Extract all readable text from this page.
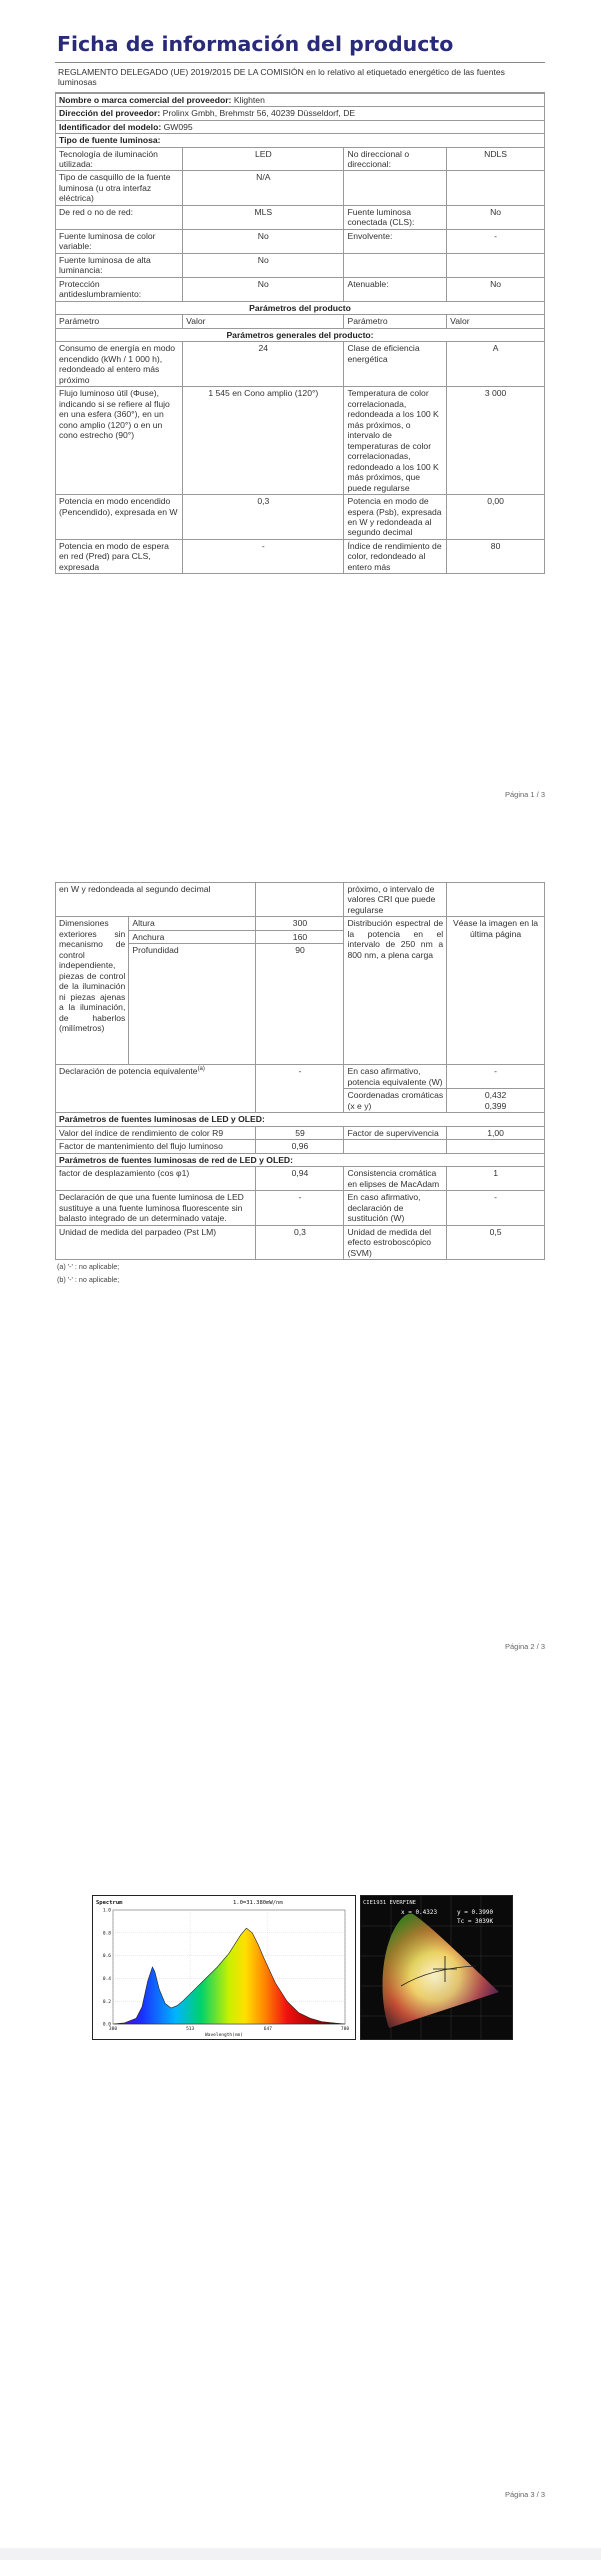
Ficha de información del producto
REGLAMENTO DELEGADO (UE) 2019/2015 DE LA COMISIÓN en lo relativo al etiquetado energético de las fuentes luminosas
Nombre o marca comercial del proveedor: Klighten			
Dirección del proveedor: Prolinx Gmbh, Brehmstr 56, 40239 Düsseldorf, DE			
Identificador del modelo: GW095			
Tipo de fuente luminosa:			
Tecnología de iluminación utilizada:	LED	No direccional o direccional:	NDLS
Tipo de casquillo de la fuente luminosa (u otra interfaz eléctrica)	N/A		
De red o no de red:	MLS	Fuente luminosa conectada (CLS):	No
Fuente luminosa de color variable:	No	Envolvente:	-
Fuente luminosa de alta luminancia:	No		
Protección antideslumbramiento:	No	Atenuable:	No
Parámetros del producto			
Parámetro	Valor	Parámetro	Valor
Parámetros generales del producto:			
Consumo de energía en modo encendido (kWh / 1 000 h), redondeado al entero más próximo	24	Clase de eficiencia energética	A
Flujo luminoso útil (Φuse), indicando si se refiere al flujo en una esfera (360°), en un cono amplio (120°) o en un cono estrecho (90°)	1 545 en Cono amplio (120°)	Temperatura de color correlacionada, redondeada a los 100 K más próximos, o intervalo de temperaturas de color correlacionadas, redondeado a los 100 K más próximos, que puede regularse	3 000
Potencia en modo encendido (Pencendido), expresada en W	0,3	Potencia en modo de espera (Psb), expresada en W y redondeada al segundo decimal	0,00
Potencia en modo de espera en red (Pred) para CLS, expresada	-	Índice de rendimiento de color, redondeado al entero más	80
Página 1 / 3
en W y redondeada al segundo decimal			próximo, o intervalo de valores CRI que puede regularse	
Dimensiones exteriores sin mecanismo de control independiente, piezas de control de la iluminación ni piezas ajenas a la iluminación, de haberlos (milímetros)	Altura	300	Distribución espectral de la potencia en el intervalo de 250 nm a 800 nm, a plena carga	Véase la imagen en la última página
	Anchura	160		
	Profundidad	90		
Declaración de potencia equivalente$^{(a)}$		-	En caso afirmativo, potencia equivalente (W)	-
			Coordenadas cromáticas (x e y)	0,432
0,399

Parámetros de fuentes luminosas de LED y OLED:				
Valor del índice de rendimiento de color R9		59	Factor de supervivencia	1,00
Factor de mantenimiento del flujo luminoso		0,96		
Parámetros de fuentes luminosas de red de LED y OLED:				
factor de desplazamiento (cos φ1)		0,94	Consistencia cromática en elipses de MacAdam	1
Declaración de que una fuente luminosa de LED sustituye a una fuente luminosa fluorescente sin balasto integrado de un determinado vataje.		-	En caso afirmativo, declaración de sustitución (W)	-
Unidad de medida del parpadeo (Pst LM)		0,3	Unidad de medida del efecto estroboscópico (SVM)	0,5
(a) '-' : no aplicable;
(b) '-' : no aplicable;
Página 2 / 3
0.0
0.2
0.4
0.6
0.8
1.0
380	513	647	780
Spectrum	1.0=31.380mW/nm
Wavelength(nm)
CIE1931 EVERFINE
x = 0.4323	y = 0.3990
Tc = 3039K
Página 3 / 3
